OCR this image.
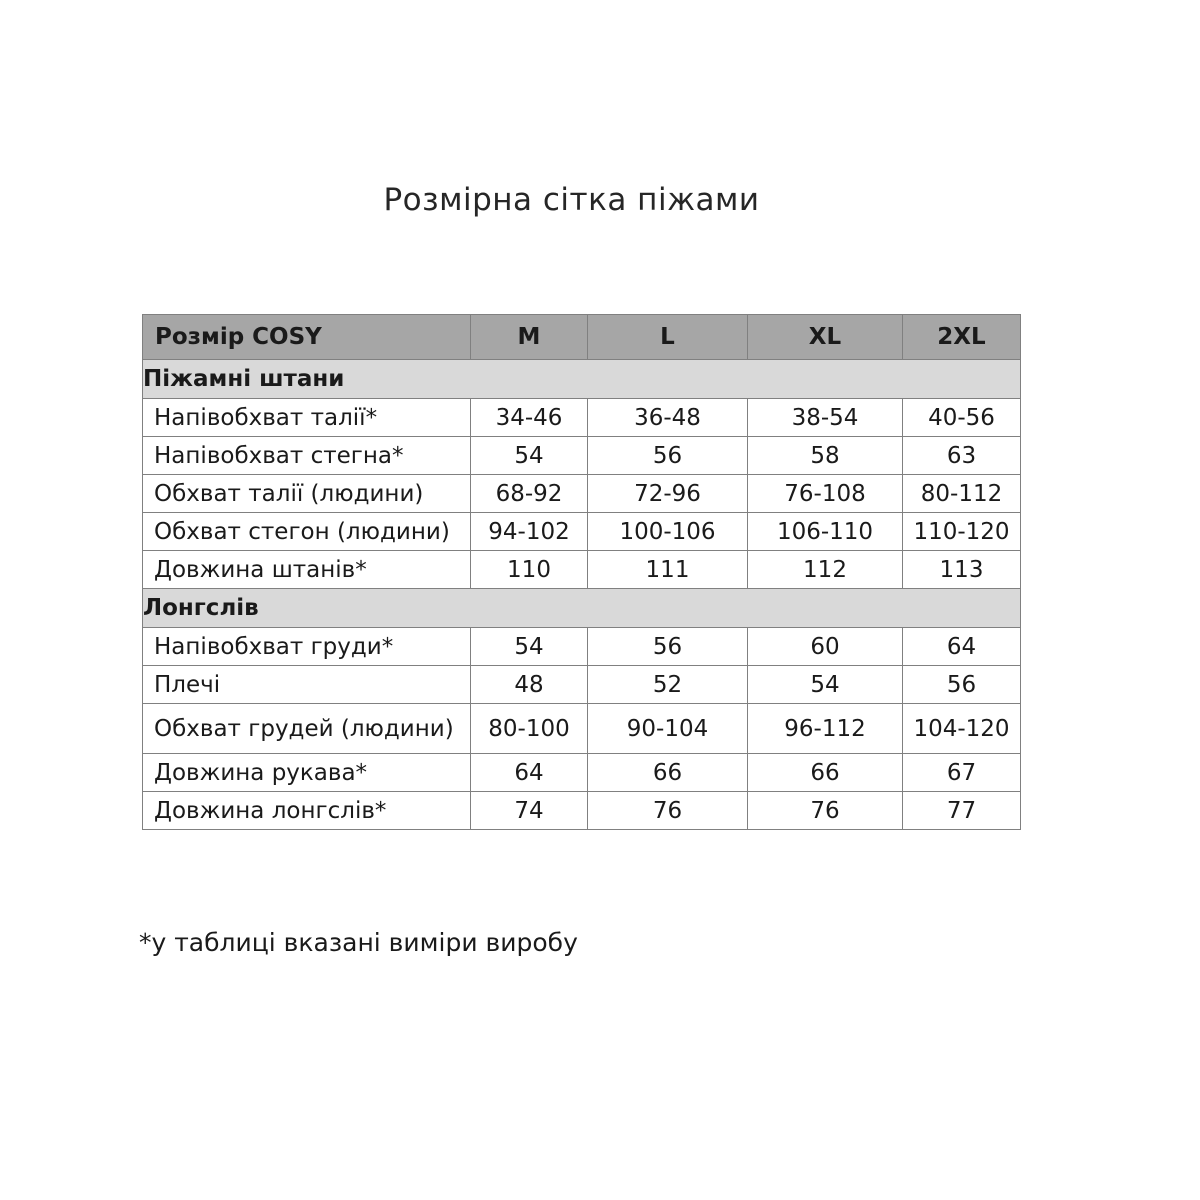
Розмірна сітка піжами
Розмір COSY	M	L	XL	2XL
Піжамні штани				
Напівобхват талії*	34-46	36-48	38-54	40-56
Напівобхват стегна*	54	56	58	63
Обхват талії (людини)	68-92	72-96	76-108	80-112
Обхват стегон (людини)	94-102	100-106	106-110	110-120
Довжина штанів*	110	111	112	113
Лонгслів				
Напівобхват груди*	54	56	60	64
Плечі	48	52	54	56
Обхват грудей (людини)	80-100	90-104	96-112	104-120
Довжина рукава*	64	66	66	67
Довжина лонгслів*	74	76	76	77

*у таблиці вказані виміри виробу
